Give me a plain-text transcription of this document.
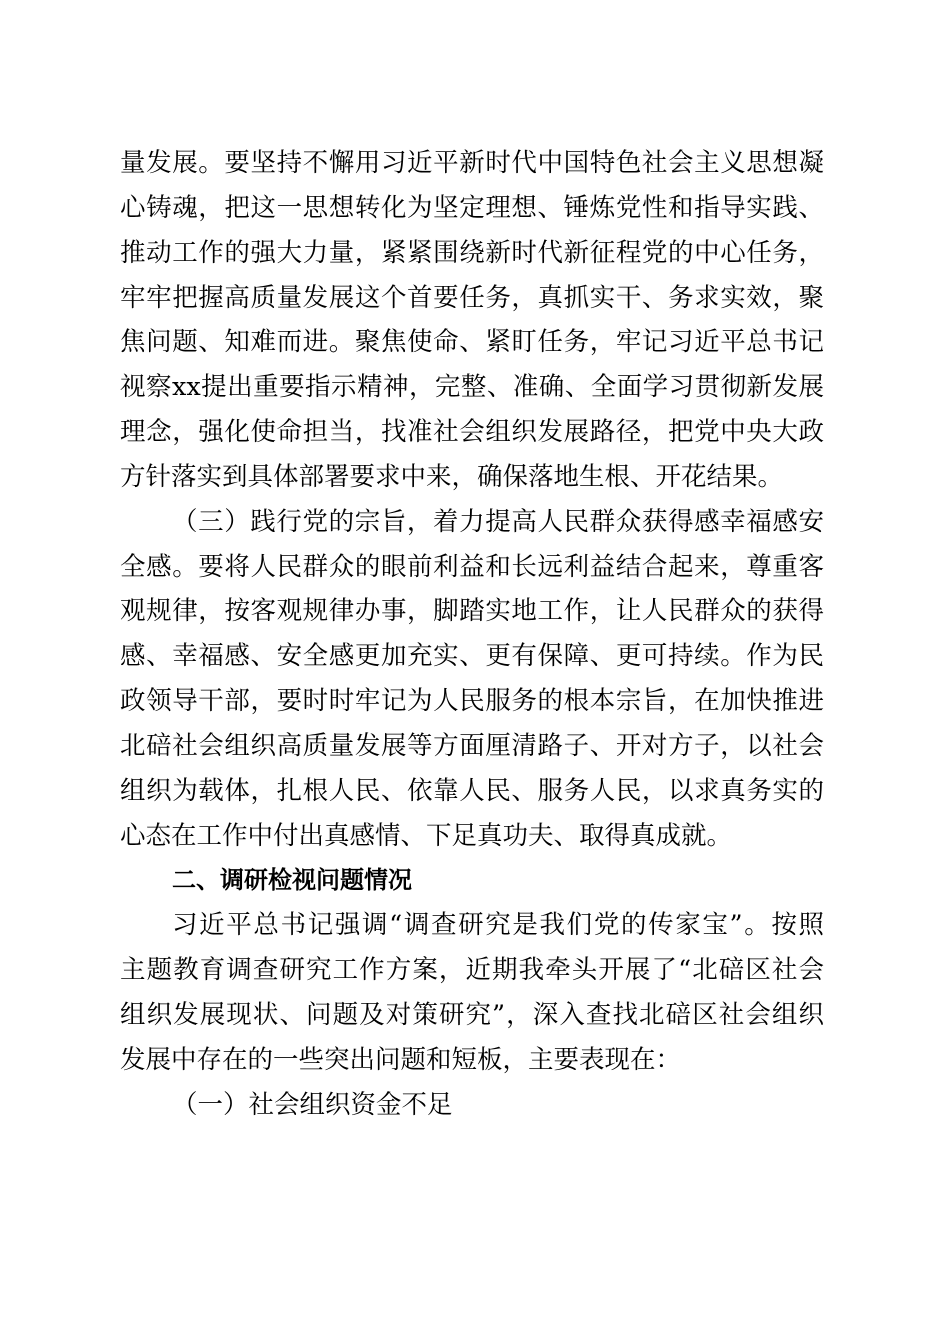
量发展。要坚持不懈用习近平新时代中国特色社会主义思想凝
心铸魂，把这一思想转化为坚定理想、锤炼党性和指导实践、
推动工作的强大力量，紧紧围绕新时代新征程党的中心任务，
牢牢把握高质量发展这个首要任务，真抓实干、务求实效，聚
焦问题、知难而进。聚焦使命、紧盯任务，牢记习近平总书记
视察xx提出重要指示精神，完整、准确、全面学习贯彻新发展
理念，强化使命担当，找准社会组织发展路径，把党中央大政
方针落实到具体部署要求中来，确保落地生根、开花结果。
（三）践行党的宗旨，着力提高人民群众获得感幸福感安
全感。要将人民群众的眼前利益和长远利益结合起来，尊重客
观规律，按客观规律办事，脚踏实地工作，让人民群众的获得
感、幸福感、安全感更加充实、更有保障、更可持续。作为民
政领导干部，要时时牢记为人民服务的根本宗旨，在加快推进
北碚社会组织高质量发展等方面厘清路子、开对方子，以社会
组织为载体，扎根人民、依靠人民、服务人民，以求真务实的
心态在工作中付出真感情、下足真功夫、取得真成就。
二、调研检视问题情况
习近平总书记强调“调查研究是我们党的传家宝”。按照
主题教育调查研究工作方案，近期我牵头开展了“北碚区社会
组织发展现状、问题及对策研究”，深入查找北碚区社会组织
发展中存在的一些突出问题和短板，主要表现在：
（一）社会组织资金不足
